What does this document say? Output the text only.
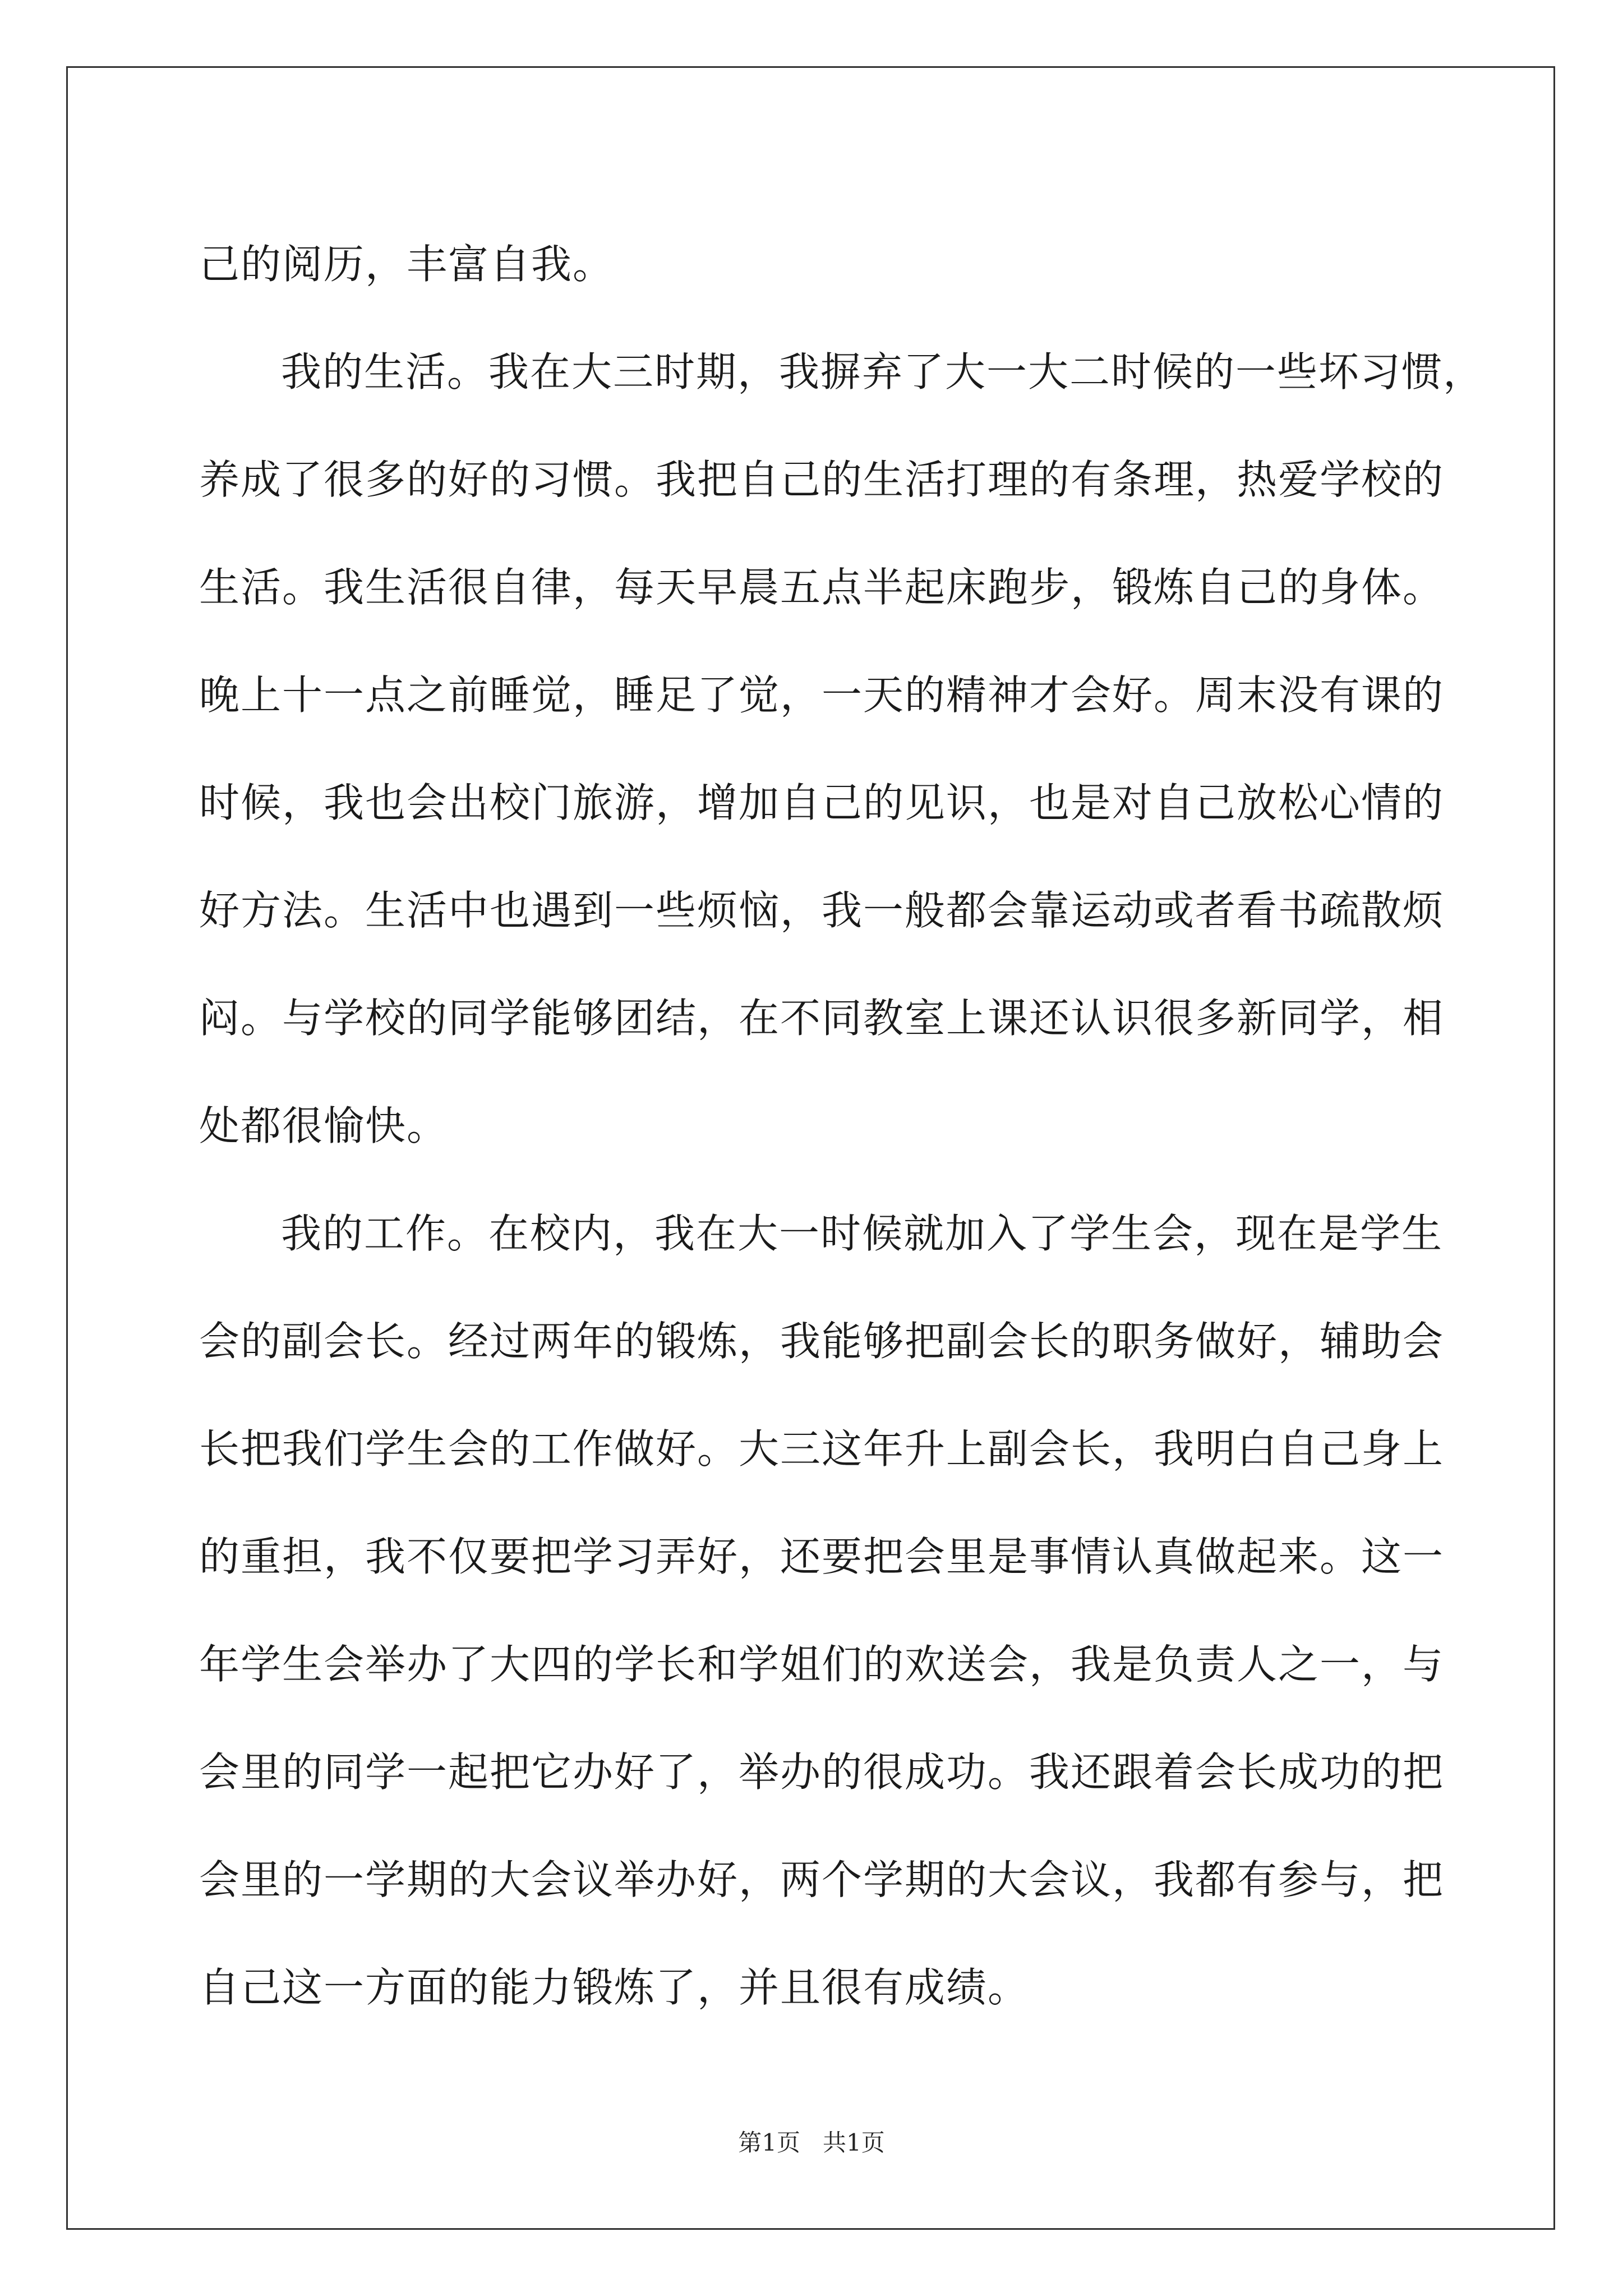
己的阅历，丰富自我。
我的生活。我在大三时期，我摒弃了大一大二时候的一些坏习惯，
养成了很多的好的习惯。我把自己的生活打理的有条理，热爱学校的
生活。我生活很自律，每天早晨五点半起床跑步，锻炼自己的身体。
晚上十一点之前睡觉，睡足了觉，一天的精神才会好。周末没有课的
时候，我也会出校门旅游，增加自己的见识，也是对自己放松心情的
好方法。生活中也遇到一些烦恼，我一般都会靠运动或者看书疏散烦
闷。与学校的同学能够团结，在不同教室上课还认识很多新同学，相
处都很愉快。
我的工作。在校内，我在大一时候就加入了学生会，现在是学生
会的副会长。经过两年的锻炼，我能够把副会长的职务做好，辅助会
长把我们学生会的工作做好。大三这年升上副会长，我明白自己身上
的重担，我不仅要把学习弄好，还要把会里是事情认真做起来。这一
年学生会举办了大四的学长和学姐们的欢送会，我是负责人之一，与
会里的同学一起把它办好了，举办的很成功。我还跟着会长成功的把
会里的一学期的大会议举办好，两个学期的大会议，我都有参与，把
自己这一方面的能力锻炼了，并且很有成绩。
第1页 共1页
